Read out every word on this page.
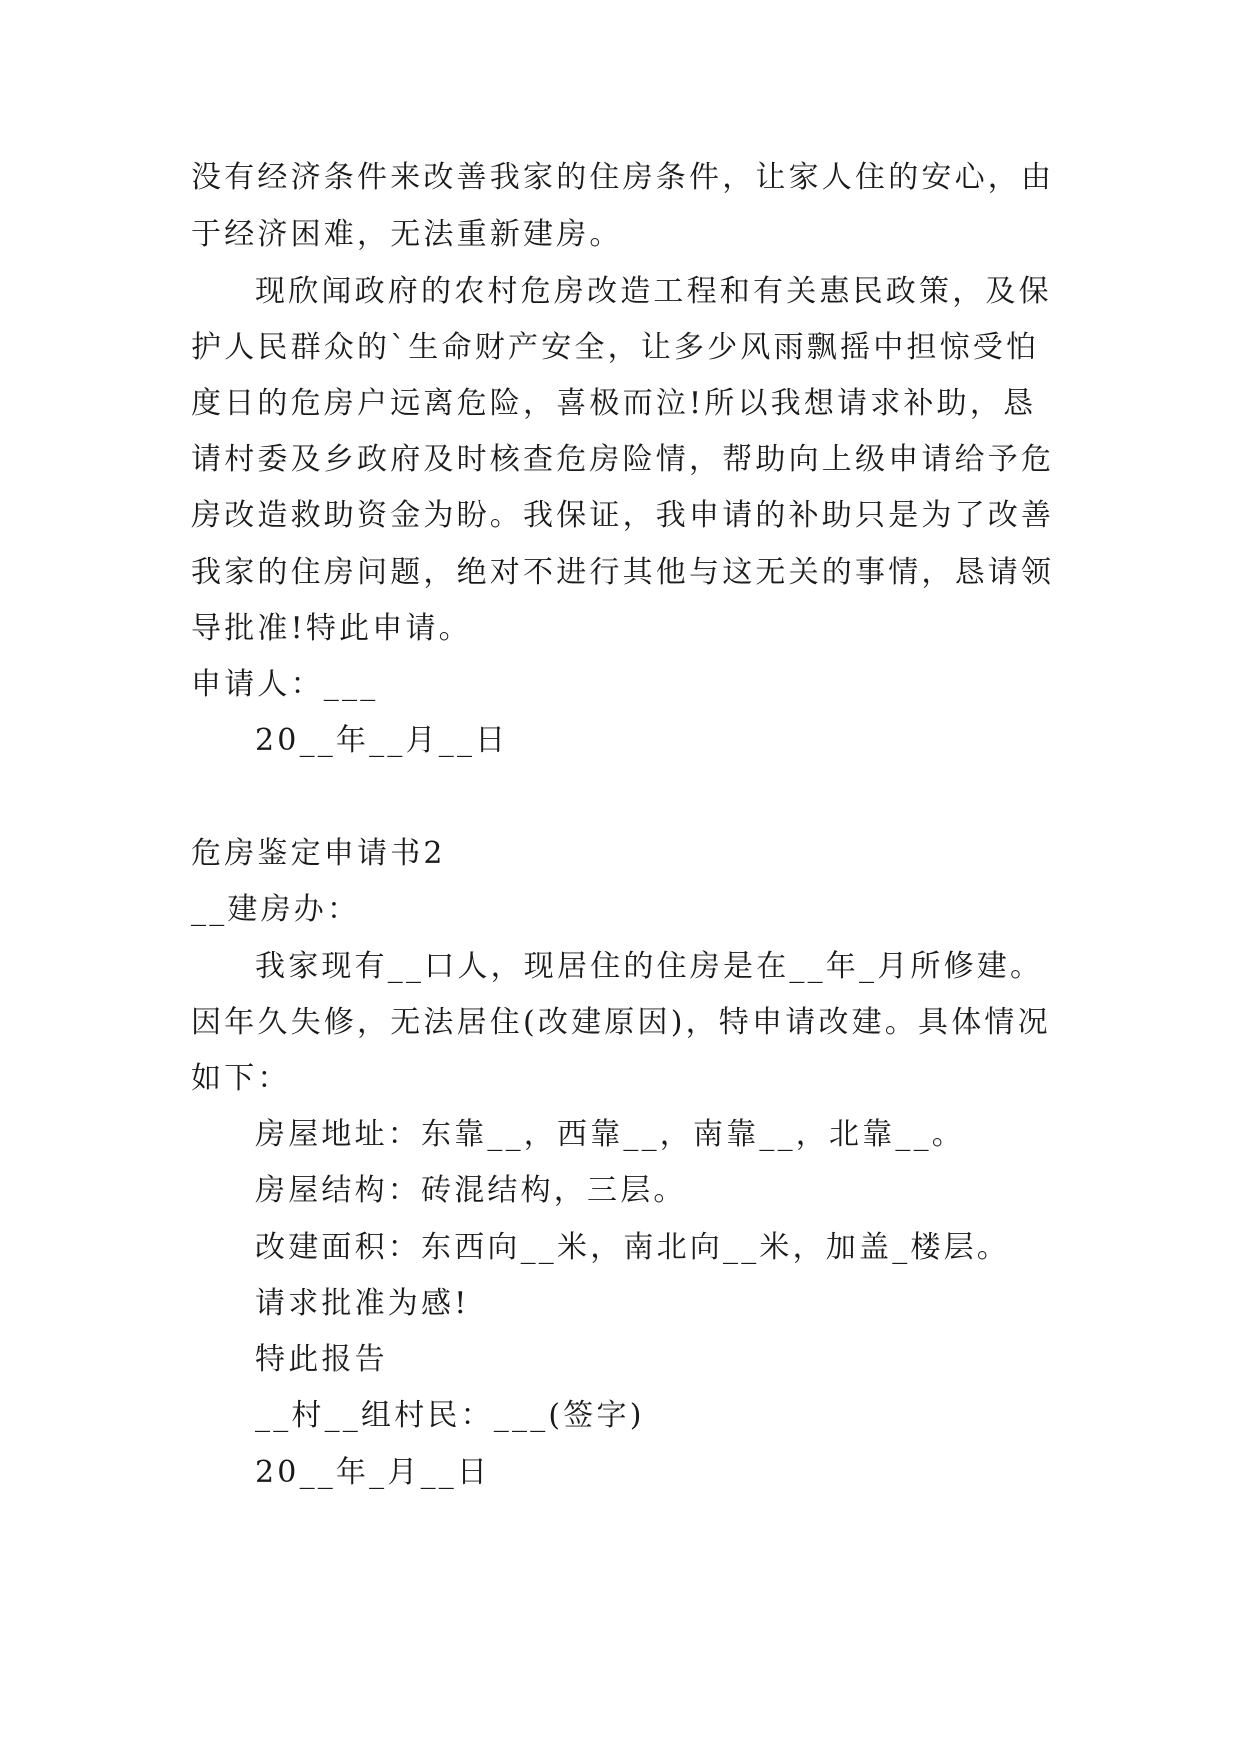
没有经济条件来改善我家的住房条件，让家人住的安心，由
于经济困难，无法重新建房。
现欣闻政府的农村危房改造工程和有关惠民政策，及保
护人民群众的`生命财产安全，让多少风雨飘摇中担惊受怕
度日的危房户远离危险，喜极而泣!所以我想请求补助，恳
请村委及乡政府及时核查危房险情，帮助向上级申请给予危
房改造救助资金为盼。我保证，我申请的补助只是为了改善
我家的住房问题，绝对不进行其他与这无关的事情，恳请领
导批准!特此申请。
申请人：___
20__年__月__日
危房鉴定申请书2
__建房办：
我家现有__口人，现居住的住房是在__年_月所修建。
因年久失修，无法居住(改建原因)，特申请改建。具体情况
如下：
房屋地址：东靠__，西靠__，南靠__，北靠__。
房屋结构：砖混结构，三层。
改建面积：东西向__米，南北向__米，加盖_楼层。
请求批准为感!
特此报告
__村__组村民：___(签字)
20__年_月__日
